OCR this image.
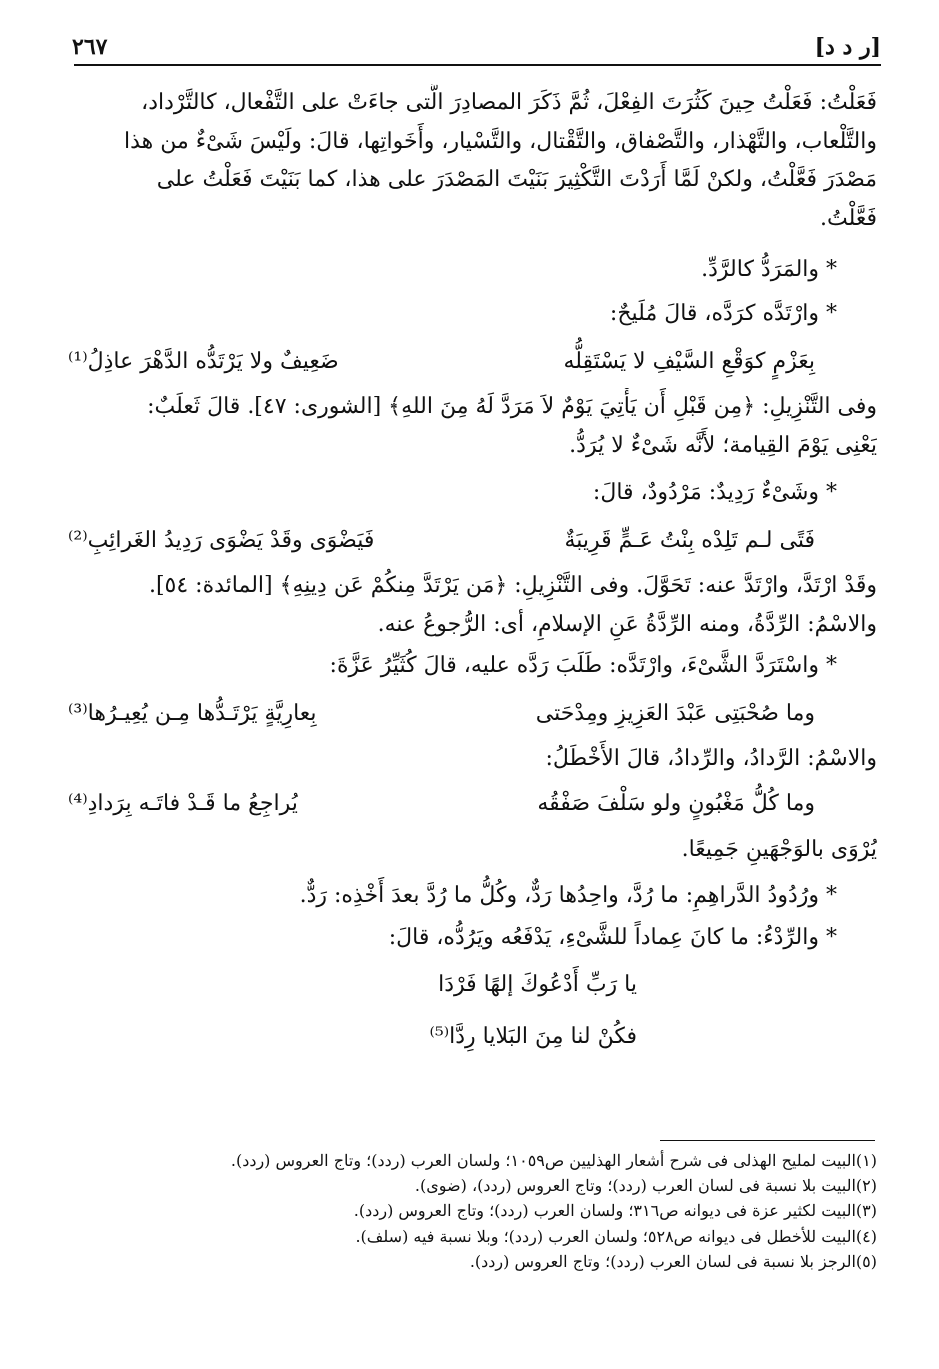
[ر د د]
٢٦٧
فَعَلْتُ: فَعَلْتُ حِينَ كَثُرَتَ الفِعْلَ، ثُمَّ ذَكَرَ المصادِرَ الَّتى جاءَتْ على التَّفْعال، كالتَّرْداد،
والتَّلْعاب، والتَّهْذار، والتَّصْفاق، والتَّقْتال، والتَّسْيار، وأَخَواتِها، قالَ: ولَيْسَ شَىْءٌ من هذا
مَصْدَرَ فَعَّلْتُ، ولكنْ لَمَّا أَرَدْتَ التَّكْثِيرَ بَنَيْتَ المَصْدَرَ على هذا، كما بَنَيْتَ فَعَلْتُ على
فَعَّلْتُ.
* والمَرَدُّ كالرَّدِّ.
* وارْتَدَّه كرَدَّه، قالَ مُلَيحٌ:
بِعَزْمٍ كوَقْعِ السَّيْفِ لا يَسْتَقِلُّه
ضَعِيفٌ ولا يَرْتَدُّه الدَّهْرَ عاذِلُ⁽¹⁾
وفى التَّنْزِيلِ: ﴿مِن قَبْلِ أَن يَأْتِيَ يَوْمٌ لاَ مَرَدَّ لَهُ مِنَ اللهِ﴾ [الشورى: ٤٧]. قالَ ثَعلَبٌ:
يَعْنِى يَوْمَ القِيامة؛ لأَنَّه شَىْءٌ لا يُرَدُّ.
* وشَىْءٌ رَدِيدٌ: مَرْدُودٌ، قالَ:
فَتًى لـم تَلِدْه بِنْتُ عَـمٍّ قَرِيبَةٌ
فَيَضْوَى وقَدْ يَضْوَى رَدِيدُ الغَرائِبِ⁽²⁾
وقَدْ ارْتَدَّ، وارْتَدَّ عنه: تَحَوَّلَ. وفى التَّنْزِيلِ: ﴿مَن يَرْتَدَّ مِنكُمْ عَن دِينِهِ﴾ [المائدة: ٥٤].
والاسْمُ: الرِّدَّةُ، ومنه الرِّدَّةُ عَنِ الإسلامِ، أى: الرُّجوعُ عنه.
* واسْتَرَدَّ الشَّىْءَ، وارْتَدَّه: طَلَبَ رَدَّه عليه، قالَ كُثَيِّرُ عَزَّةَ:
وما صُحْبَتِى عَبْدَ العَزِيزِ ومِدْحَتى
بِعارِيَّةٍ يَرْتَـدُّها مِـن يُعِيـرُها⁽³⁾
والاسْمُ: الرَّدادُ، والرِّدادُ، قالَ الأَخْطَلُ:
وما كُلُّ مَغْبُونٍ ولو سَلْفَ صَفْقُه
يُراجِعُ ما قَـدْ فاتَـه بِرَدادِ⁽⁴⁾
يُرْوَى بالوَجْهَينِ جَمِيعًا.
* ورُدُودُ الدَّراهِمِ: ما رُدَّ، واحِدُها رَدٌّ، وكُلُّ ما رُدَّ بعدَ أَخْذِه: رَدٌّ.
* والرِّدْءُ: ما كانَ عِماداً للشَّىْءِ، يَدْفَعُه ويَرُدُّه، قالَ:
يا رَبِّ أَدْعُوكَ إلهًا فَرْدَا
فكُنْ لنا مِنَ البَلايا رِدَّا⁽⁵⁾
(١)البيت لمليح الهذلى فى شرح أشعار الهذليين ص١٠٥٩؛ ولسان العرب (ردد)؛ وتاج العروس (ردد).
(٢)البيت بلا نسبة فى لسان العرب (ردد)؛ وتاج العروس (ردد)، (ضوى).
(٣)البيت لكثير عزة فى ديوانه ص٣١٦؛ ولسان العرب (ردد)؛ وتاج العروس (ردد).
(٤)البيت للأخطل فى ديوانه ص٥٢٨؛ ولسان العرب (ردد)؛ وبلا نسبة فيه (سلف).
(٥)الرجز بلا نسبة فى لسان العرب (ردد)؛ وتاج العروس (ردد).
